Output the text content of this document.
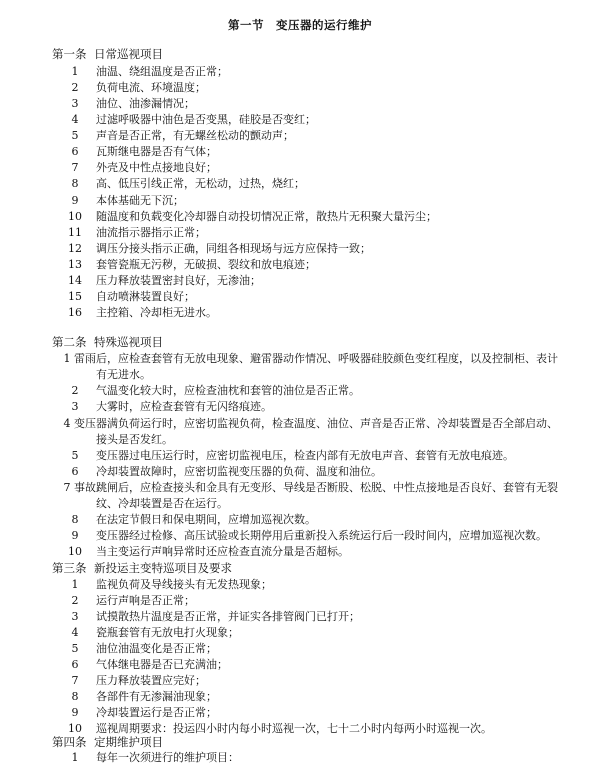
第一节　变压器的运行维护
第一条 日常巡视项目
1	油温、绕组温度是否正常；
2	负荷电流、环境温度；
3	油位、油渗漏情况；
4	过滤呼吸器中油色是否变黑，硅胶是否变红；
5	声音是否正常，有无螺丝松动的颤动声；
6	瓦斯继电器是否有气体；
7	外壳及中性点接地良好；
8	高、低压引线正常，无松动，过热，烧红；
9	本体基础无下沉；
10 随温度和负载变化冷却器自动投切情况正常，散热片无积聚大量污尘；
11 油流指示器指示正常；
12 调压分接头指示正确，同组各相现场与远方应保持一致；
13 套管瓷瓶无污秽，无破损、裂纹和放电痕迹；
14 压力释放装置密封良好，无渗油；
15 自动喷淋装置良好；
16 主控箱、冷却柜无进水。
第二条 特殊巡视项目
1 雷雨后，应检查套管有无放电现象、避雷器动作情况、呼吸器硅胶颜色变红程度，以及控制柜、表计
有无进水。
2	气温变化较大时，应检查油枕和套管的油位是否正常。
3	大雾时，应检查套管有无闪络痕迹。
4 变压器满负荷运行时，应密切监视负荷，检查温度、油位、声音是否正常、冷却装置是否全部启动、
接头是否发红。
5	变压器过电压运行时，应密切监视电压，检查内部有无放电声音、套管有无放电痕迹。
6	冷却装置故障时，应密切监视变压器的负荷、温度和油位。
7 事故跳闸后，应检查接头和金具有无变形、导线是否断股、松脱、中性点接地是否良好、套管有无裂
纹、冷却装置是否在运行。
8	在法定节假日和保电期间，应增加巡视次数。
9	变压器经过检修、高压试验或长期停用后重新投入系统运行后一段时间内，应增加巡视次数。
10 当主变运行声响异常时还应检查直流分量是否超标。
第三条 新投运主变特巡项目及要求
1	监视负荷及导线接头有无发热现象；
2	运行声响是否正常；
3	试摸散热片温度是否正常，并证实各排管阀门已打开；
4	瓷瓶套管有无放电打火现象；
5	油位油温变化是否正常；
6	气体继电器是否已充满油；
7	压力释放装置应完好；
8	各部件有无渗漏油现象；
9	冷却装置运行是否正常；
10 巡视周期要求：投运四小时内每小时巡视一次，七十二小时内每两小时巡视一次。
第四条 定期维护项目
1	每年一次须进行的维护项目：
